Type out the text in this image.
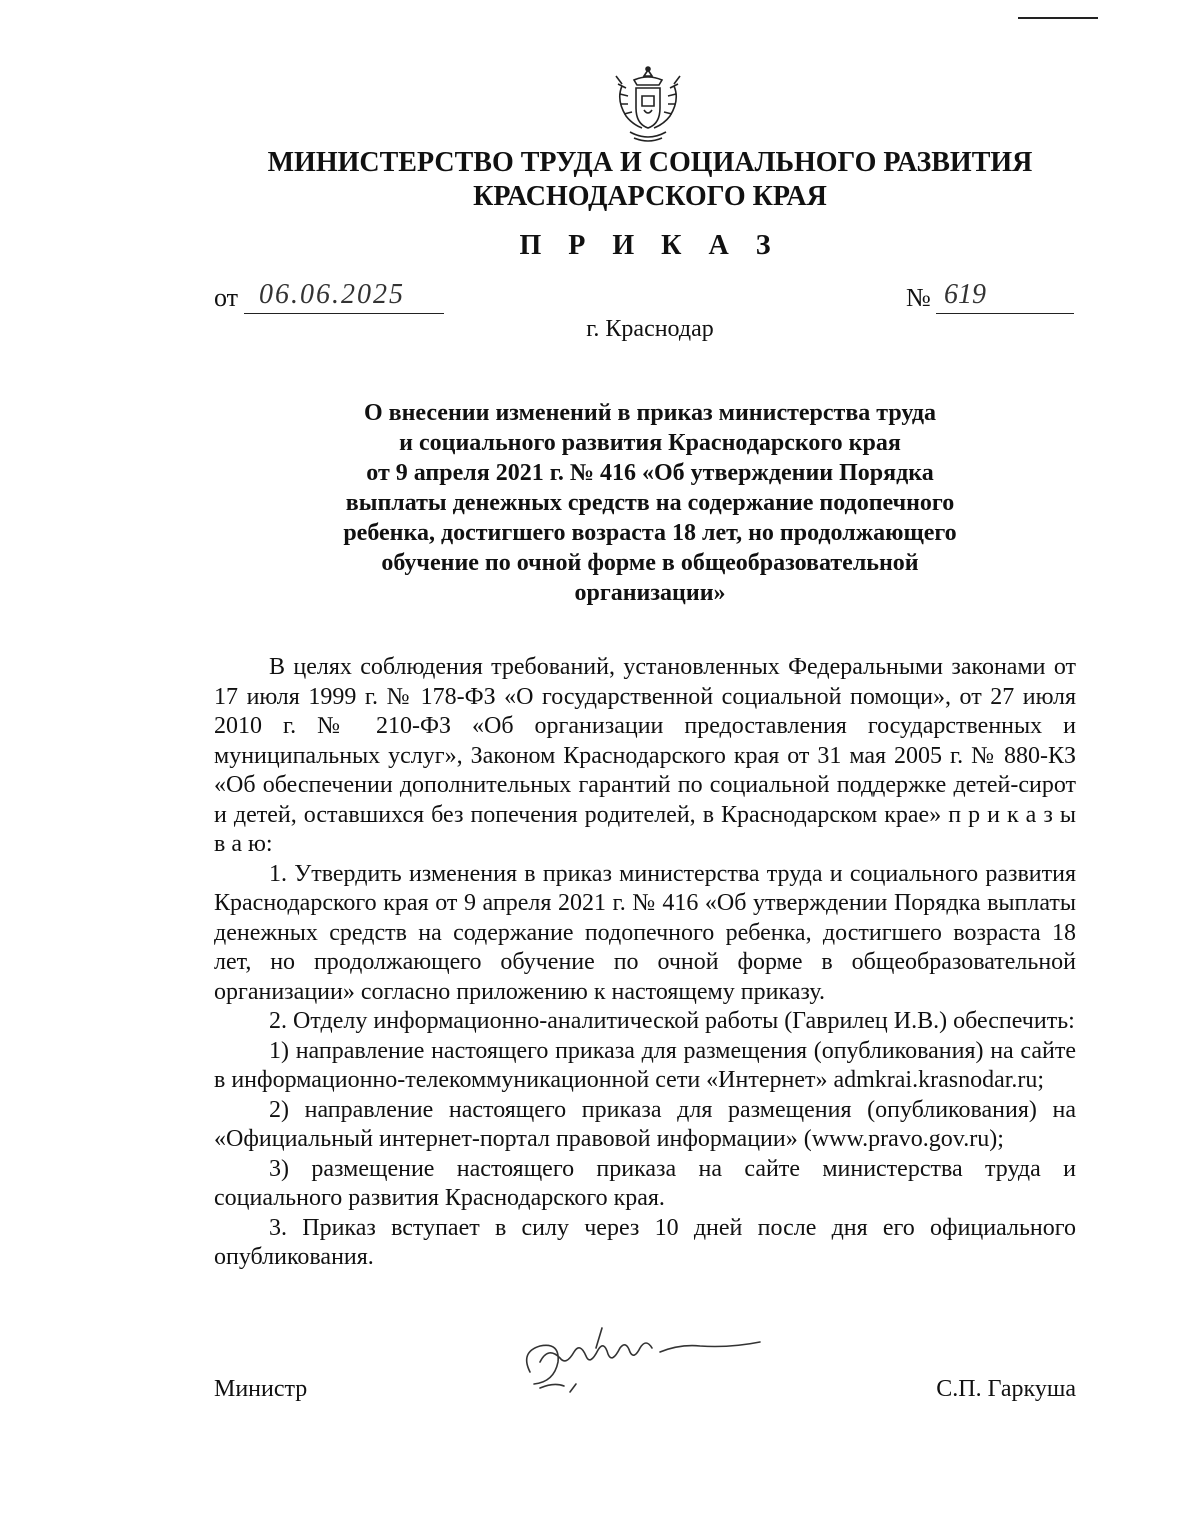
МИНИСТЕРСТВО ТРУДА И СОЦИАЛЬНОГО РАЗВИТИЯ
КРАСНОДАРСКОГО КРАЯ
П Р И К А З
от 06.06.2025	№ 619
г. Краснодар
О внесении изменений в приказ министерства труда
и социального развития Краснодарского края
от 9 апреля 2021 г. № 416 «Об утверждении Порядка
выплаты денежных средств на содержание подопечного
ребенка, достигшего возраста 18 лет, но продолжающего
обучение по очной форме в общеобразовательной
организации»

В целях соблюдения требований, установленных Федеральными законами от 17 июля 1999 г. № 178-ФЗ «О государственной социальной помощи», от 27 июля 2010 г. № 210-ФЗ «Об организации предоставления государственных и муниципальных услуг», Законом Краснодарского края от 31 мая 2005 г. № 880-КЗ «Об обеспечении дополнительных гарантий по социальной поддержке детей-сирот и детей, оставшихся без попечения родителей, в Краснодарском крае» п р и к а з ы в а ю:

1. Утвердить изменения в приказ министерства труда и социального развития Краснодарского края от 9 апреля 2021 г. № 416 «Об утверждении Порядка выплаты денежных средств на содержание подопечного ребенка, достигшего возраста 18 лет, но продолжающего обучение по очной форме в общеобразовательной организации» согласно приложению к настоящему приказу.

2. Отделу информационно-аналитической работы (Гаврилец И.В.) обеспечить:

1) направление настоящего приказа для размещения (опубликования) на сайте в информационно-телекоммуникационной сети «Интернет» admkrai.krasnodar.ru;

2) направление настоящего приказа для размещения (опубликования) на «Официальный интернет-портал правовой информации» (www.pravo.gov.ru);

3) размещение настоящего приказа на сайте министерства труда и социального развития Краснодарского края.

3. Приказ вступает в силу через 10 дней после дня его официального опубликования.

Министр	С.П. Гаркуша
